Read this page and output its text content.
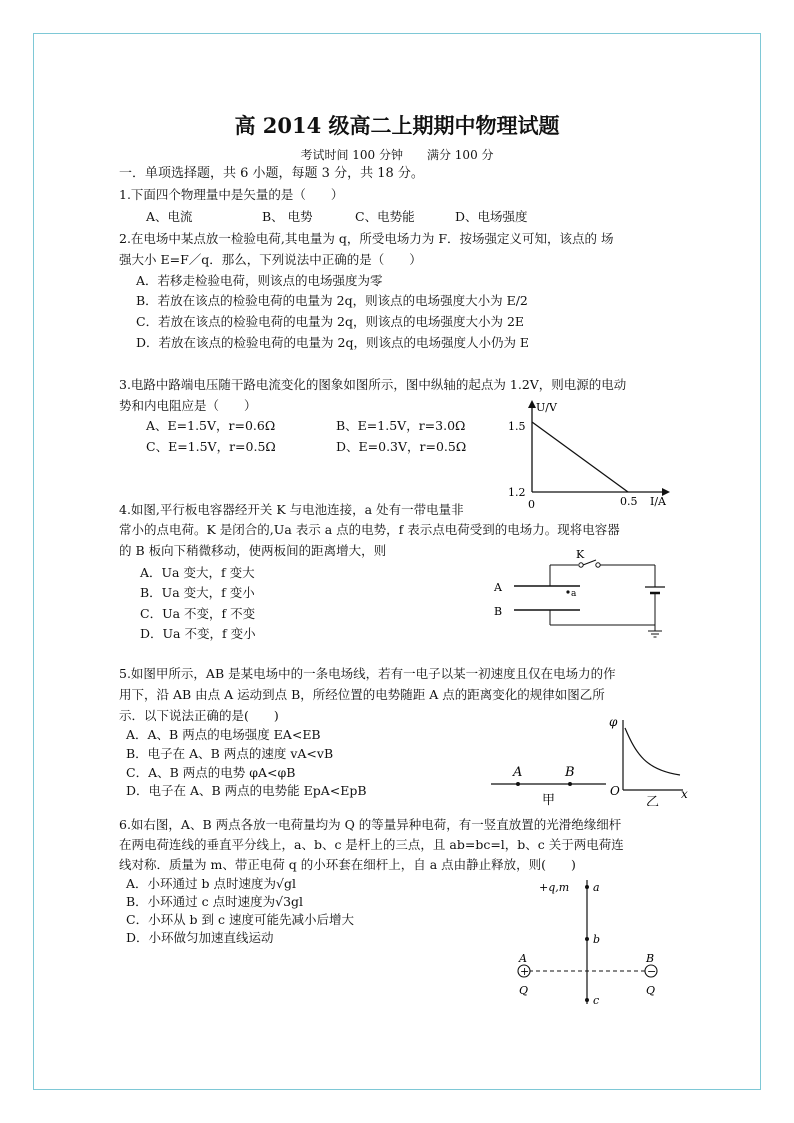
高 2014 级高二上期期中物理试题
考试时间 100 分钟　　满分 100 分
一．单项选择题，共 6 小题，每题 3 分，共 18 分。
1.下面四个物理量中是矢量的是（　　）
A、电流	B、 电势	C、电势能	D、电场强度
2.在电场中某点放一检验电荷,其电量为 q，所受电场力为 F．按场强定义可知，该点的 场
强大小 E=F／q．那么，下列说法中正确的是（　　）
A．若移走检验电荷，则该点的电场强度为零
B．若放在该点的检验电荷的电量为 2q，则该点的电场强度大小为 E/2
C．若放在该点的检验电荷的电量为 2q，则该点的电场强度大小为 2E
D．若放在该点的检验电荷的电量为 2q，则该点的电场强度人小仍为 E
3.电路中路端电压随干路电流变化的图象如图所示，图中纵轴的起点为 1.2V，则电源的电动
势和内电阻应是（　　）
A、E=1.5V，r=0.6Ω	B、E=1.5V，r=3.0Ω
C、E=1.5V，r=0.5Ω	D、E=0.3V，r=0.5Ω
U/V
1.5
1.2
0	0.5 I/A
4.如图,平行板电容器经开关 K 与电池连接，a 处有一带电量非
常小的点电荷。K 是闭合的,Ua 表示 a 点的电势，f 表示点电荷受到的电场力。现将电容器
的 B 板向下稍微移动，使两板间的距离增大，则
A．Ua 变大，f 变大
B．Ua 变大，f 变小
C．Ua 不变，f 不变
D．Ua 不变，f 变小
K
A
B
a
5.如图甲所示，AB 是某电场中的一条电场线，若有一电子以某一初速度且仅在电场力的作
用下，沿 AB 由点 A 运动到点 B，所经位置的电势随距 A 点的距离变化的规律如图乙所
示．以下说法正确的是(　　)
A．A、B 两点的电场强度 EA<EB
B．电子在 A、B 两点的速度 vA<vB
C．A、B 两点的电势 φA<φB
D．电子在 A、B 两点的电势能 EpA<EpB
A	B
甲
φ
O	x
乙
6.如右图，A、B 两点各放一电荷量均为 Q 的等量异种电荷，有一竖直放置的光滑绝缘细杆
在两电荷连线的垂直平分线上，a、b、c 是杆上的三点，且 ab=bc=l，b、c 关于两电荷连
线对称．质量为 m、带正电荷 q 的小环套在细杆上，自 a 点由静止释放，则(　　)
A．小环通过 b 点时速度为√gl
B．小环通过 c 点时速度为√3gl
C．小环从 b 到 c 速度可能先减小后增大
D．小环做匀加速直线运动
+q,m a
b
c
+	−
A	B
Q	Q
